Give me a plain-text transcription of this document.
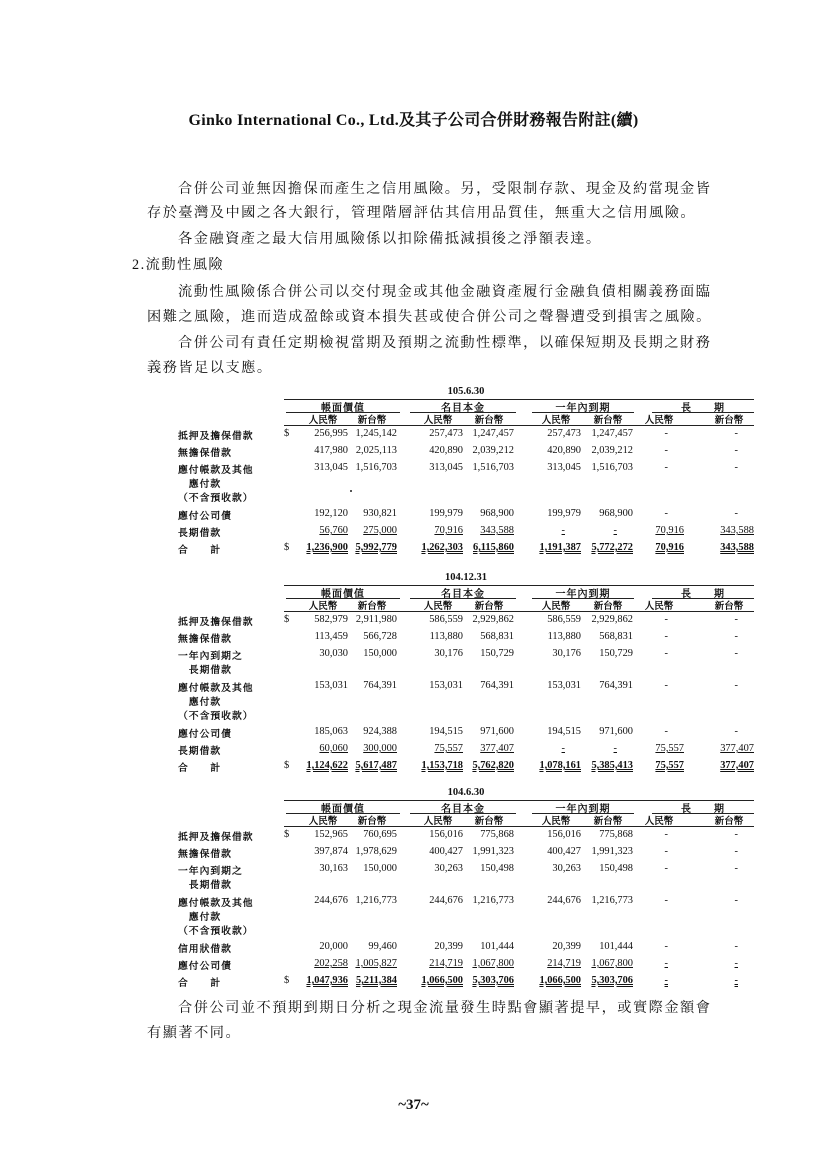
Ginko International Co., Ltd.及其子公司合併財務報告附註(續)
合併公司並無因擔保而產生之信用風險。另，受限制存款、現金及約當現金皆
存於臺灣及中國之各大銀行，管理階層評估其信用品質佳，無重大之信用風險。
各金融資產之最大信用風險係以扣除備抵減損後之淨額表達。
2.流動性風險
流動性風險係合併公司以交付現金或其他金融資產履行金融負債相關義務面臨
困難之風險，進而造成盈餘或資本損失甚或使合併公司之聲譽遭受到損害之風險。
合併公司有責任定期檢視當期及預期之流動性標準，以確保短期及長期之財務
義務皆足以支應。
105.6.30
帳面價值	名目本金	一年內到期	長　　期
人民幣	新台幣	人民幣	新台幣	人民幣	新台幣	人民幣	新台幣
抵押及擔保借款	$	256,995 1,245,142	257,473 1,247,457	257,473	1,247,457	-	-
無擔保借款	417,980 2,025,113	420,890 2,039,212	420,890	2,039,212	-	-
應付帳款及其他
　應付款
（不含預收款）
313,045 1,516,703	313,045 1,516,703	313,045	1,516,703	-	-
應付公司債	192,120	930,821	199,979	968,900	199,979	968,900	-	-
長期借款	56,760	275,000	70,916	343,588	-	-	70,916	343,588
合　　計	$	1,236,900 5,992,779	1,262,303 6,115,860	1,191,387	5,772,272	70,916	343,588
104.12.31
帳面價值	名目本金	一年內到期	長　　期
人民幣	新台幣	人民幣	新台幣	人民幣	新台幣	人民幣	新台幣
抵押及擔保借款	$	582,979 2,911,980	586,559 2,929,862	586,559	2,929,862	-	-
無擔保借款	113,459	566,728	113,880	568,831	113,880	568,831	-	-
一年內到期之
　長期借款
30,030	150,000	30,176	150,729	30,176	150,729	-	-
應付帳款及其他
　應付款
（不含預收款）
153,031	764,391	153,031	764,391	153,031	764,391	-	-
應付公司債	185,063	924,388	194,515	971,600	194,515	971,600	-	-
長期借款	60,060	300,000	75,557	377,407	-	-	75,557	377,407
合　　計	$	1,124,622 5,617,487	1,153,718 5,762,820	1,078,161	5,385,413	75,557	377,407
104.6.30
帳面價值	名目本金	一年內到期	長　　期
人民幣	新台幣	人民幣	新台幣	人民幣	新台幣	人民幣	新台幣
抵押及擔保借款	$	152,965	760,695	156,016	775,868	156,016	775,868	-	-
無擔保借款	397,874 1,978,629	400,427 1,991,323	400,427	1,991,323	-	-
一年內到期之
　長期借款
30,163	150,000	30,263	150,498	30,263	150,498	-	-
應付帳款及其他
　應付款
（不含預收款）
244,676 1,216,773	244,676 1,216,773	244,676	1,216,773	-	-
信用狀借款	20,000	99,460	20,399	101,444	20,399	101,444	-	-
應付公司債	202,258 1,005,827	214,719 1,067,800	214,719	1,067,800	-	-
合　　計	$	1,047,936 5,211,384	1,066,500 5,303,706	1,066,500	5,303,706	-	-
合併公司並不預期到期日分析之現金流量發生時點會顯著提早，或實際金額會
有顯著不同。
~37~
